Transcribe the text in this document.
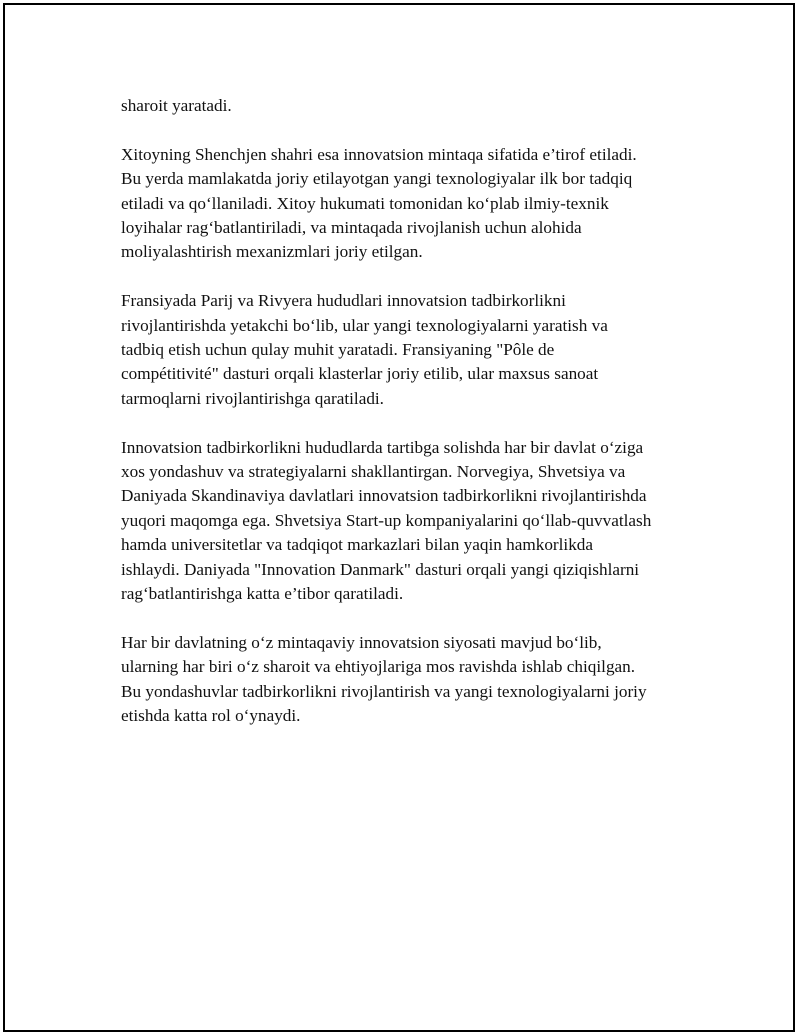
sharoit yaratadi.

Xitoyning Shenchjen shahri esa innovatsion mintaqa sifatida e’tirof etiladi.
Bu yerda mamlakatda joriy etilayotgan yangi texnologiyalar ilk bor tadqiq
etiladi va qo‘llaniladi. Xitoy hukumati tomonidan ko‘plab ilmiy-texnik
loyihalar rag‘batlantiriladi, va mintaqada rivojlanish uchun alohida
moliyalashtirish mexanizmlari joriy etilgan.

Fransiyada Parij va Rivyera hududlari innovatsion tadbirkorlikni
rivojlantirishda yetakchi bo‘lib, ular yangi texnologiyalarni yaratish va
tadbiq etish uchun qulay muhit yaratadi. Fransiyaning "Pôle de
compétitivité" dasturi orqali klasterlar joriy etilib, ular maxsus sanoat
tarmoqlarni rivojlantirishga qaratiladi.

Innovatsion tadbirkorlikni hududlarda tartibga solishda har bir davlat o‘ziga
xos yondashuv va strategiyalarni shakllantirgan. Norvegiya, Shvetsiya va
Daniyada Skandinaviya davlatlari innovatsion tadbirkorlikni rivojlantirishda
yuqori maqomga ega. Shvetsiya Start-up kompaniyalarini qo‘llab-quvvatlash
hamda universitetlar va tadqiqot markazlari bilan yaqin hamkorlikda
ishlaydi. Daniyada "Innovation Danmark" dasturi orqali yangi qiziqishlarni
rag‘batlantirishga katta e’tibor qaratiladi.

Har bir davlatning o‘z mintaqaviy innovatsion siyosati mavjud bo‘lib,
ularning har biri o‘z sharoit va ehtiyojlariga mos ravishda ishlab chiqilgan.
Bu yondashuvlar tadbirkorlikni rivojlantirish va yangi texnologiyalarni joriy
etishda katta rol o‘ynaydi.
